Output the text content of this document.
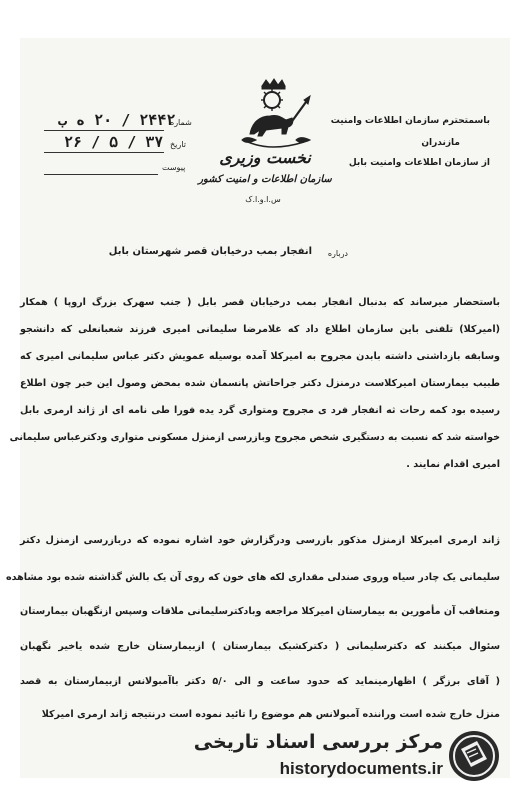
باسمتحترم سازمان اطلاعات وامنیت
مازندران
از سازمان اطلاعات وامنیت بابل
شماره
۲۴۴۲ / ۲۰ ه ب
تاریخ
۲۶ / ۵ / ۳۷
پیوست
نخست وزیری
سازمان اطلاعات و امنیت کشور
س.ا.و.ا.ک
درباره
انفجار بمب درخیابان قصر شهرستان بابل
باستحضار میرساند که بدنبال انفجار بمب درخیابان قصر بابل ( جنب سهرک بزرگ اروپا ) همکار
(امیرکلا) تلفنی باین سازمان اطلاع داد که غلامرضا سلیمانی امیری فرزند شعبانعلی که دانشجو
وسابقه بازداشتی داشته بابدن مجروح به امیرکلا آمده بوسیله عمویش دکتر عباس سلیمانی امیری که
طبیب بیمارستان امیرکلاست درمنزل دکتر جراحاتش پانسمان شده بمحض وصول این خبر چون اطلاع
رسیده بود کمه رحات ثه انفجار فرد ی مجروح ومتواری گرد یده فورا طی نامه ای از ژاند ارمری بابل
خواسته شد که نسبت به دستگیری شخص مجروح وبازرسی ازمنزل مسکونی متواری ودکترعباس سلیمانی
امیری اقدام نمایند .
ژاند ارمری امیرکلا ازمنزل مذکور بازرسی ودرگزارش خود اشاره نموده که دربازرسی ازمنزل دکتر
سلیمانی یک چادر سیاه وروی صندلی مقداری لکه های خون که روی آن یک بالش گذاشته شده بود مشاهده
ومتعاقب آن مأمورین به بیمارستان امیرکلا مراجعه وبادکترسلیمانی ملاقات وسپس ازنگهبان بیمارستان
سئوال میکنند که دکترسلیمانی ( دکترکشیک بیمارستان ) ازبیمارستان خارج شده یاخیر نگهبان
( آقای برزگر ) اظهارمینماید که حدود ساعت و الی ۵/۰ دکتر باآمبولانس ازبیمارستان به قصد
منزل خارج شده است وراننده آمبولانس هم موضوع را تائید نموده است درنتیجه ژاند ارمری امیرکلا
مرکز بررسی اسناد تاریخی
historydocuments.ir
